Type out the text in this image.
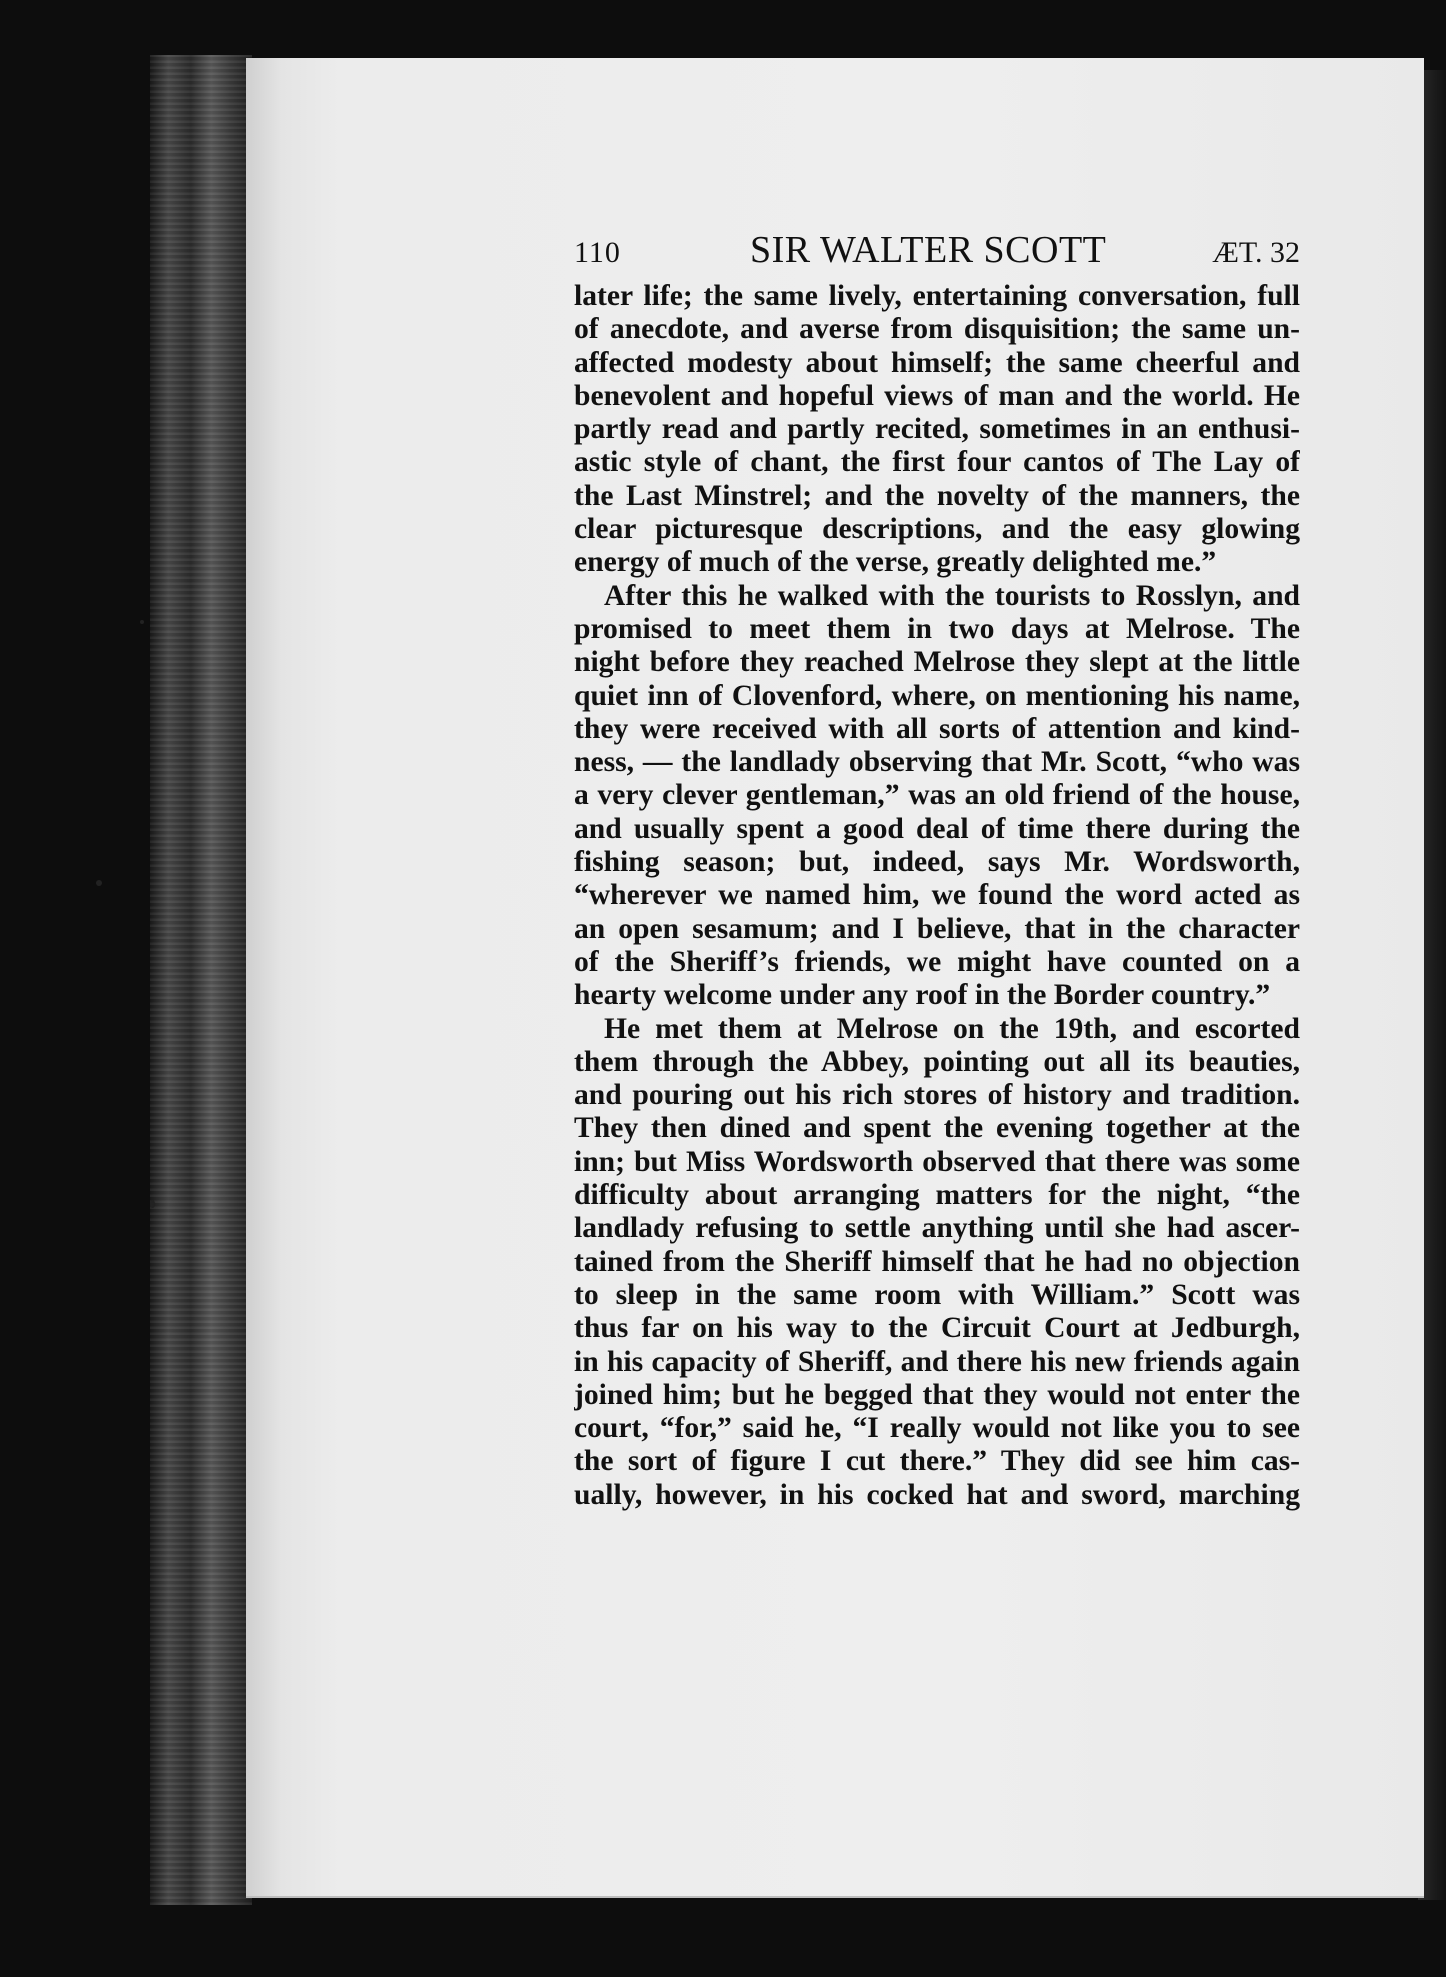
110	SIR WALTER SCOTT	ÆT. 32
later life; the same lively, entertaining conversation, full
of anecdote, and averse from disquisition; the same un-
affected modesty about himself; the same cheerful and
benevolent and hopeful views of man and the world. He
partly read and partly recited, sometimes in an enthusi-
astic style of chant, the first four cantos of The Lay of
the Last Minstrel; and the novelty of the manners, the
clear picturesque descriptions, and the easy glowing
energy of much of the verse, greatly delighted me.”
After this he walked with the tourists to Rosslyn, and
promised to meet them in two days at Melrose. The
night before they reached Melrose they slept at the little
quiet inn of Clovenford, where, on mentioning his name,
they were received with all sorts of attention and kind-
ness, — the landlady observing that Mr. Scott, “who was
a very clever gentleman,” was an old friend of the house,
and usually spent a good deal of time there during the
fishing season; but, indeed, says Mr. Wordsworth,
“wherever we named him, we found the word acted as
an open sesamum; and I believe, that in the character
of the Sheriff’s friends, we might have counted on a
hearty welcome under any roof in the Border country.”
He met them at Melrose on the 19th, and escorted
them through the Abbey, pointing out all its beauties,
and pouring out his rich stores of history and tradition.
They then dined and spent the evening together at the
inn; but Miss Wordsworth observed that there was some
difficulty about arranging matters for the night, “the
landlady refusing to settle anything until she had ascer-
tained from the Sheriff himself that he had no objection
to sleep in the same room with William.” Scott was
thus far on his way to the Circuit Court at Jedburgh,
in his capacity of Sheriff, and there his new friends again
joined him; but he begged that they would not enter the
court, “for,” said he, “I really would not like you to see
the sort of figure I cut there.” They did see him cas-
ually, however, in his cocked hat and sword, marching
